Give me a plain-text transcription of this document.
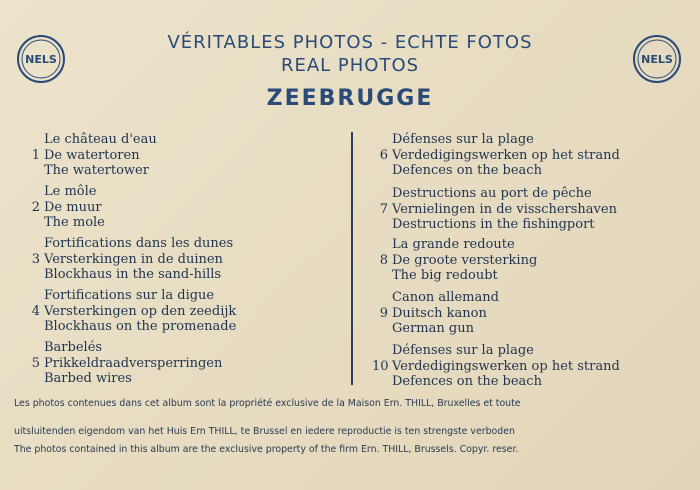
NELS	NELS
VÉRITABLES PHOTOS - ECHTE FOTOS
REAL PHOTOS
ZEEBRUGGE
1
Le château d'eau
De watertoren
The watertower
2
Le môle
De muur
The mole
3
Fortifications dans les dunes
Versterkingen in de duinen
Blockhaus in the sand-hills
4
Fortifications sur la digue
Versterkingen op den zeedijk
Blockhaus on the promenade
5
Barbelés
Prikkeldraadversperringen
Barbed wires
6
Défenses sur la plage
Verdedigingswerken op het strand
Defences on the beach
7
Destructions au port de pêche
Vernielingen in de visschershaven
Destructions in the fishingport
8
La grande redoute
De groote versterking
The big redoubt
9
Canon allemand
Duitsch kanon
German gun
10
Défenses sur la plage
Verdedigingswerken op het strand
Defences on the beach
Les photos contenues dans cet album sont la propriété exclusive de la Maison Ern. THILL, Bruxelles et toute
uitsluitenden eigendom van het Huis Ern THILL, te Brussel en iedere reproductie is ten strengste verboden
The photos contained in this album are the exclusive property of the firm Ern. THILL, Brussels. Copyr. reser.
